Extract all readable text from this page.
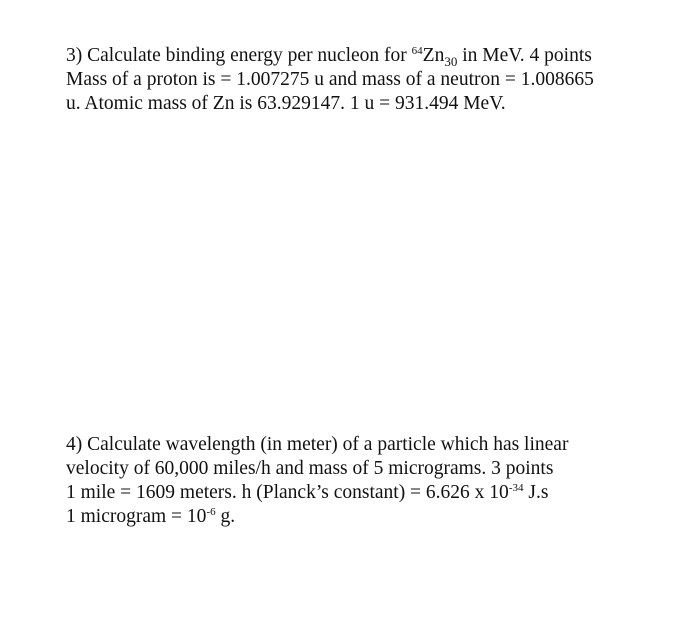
3) Calculate binding energy per nucleon for $^{64}Zn_{30}$ in MeV. 4 points
Mass of a proton is = 1.007275 u and mass of a neutron = 1.008665
u. Atomic mass of Zn is 63.929147. 1 u = 931.494 MeV.
4) Calculate wavelength (in meter) of a particle which has linear
velocity of 60,000 miles/h and mass of 5 micrograms. 3 points
1 mile = 1609 meters. h (Planck’s constant) = 6.626 x $10^{-34}$ J.s
1 microgram = $10^{-6}$ g.
